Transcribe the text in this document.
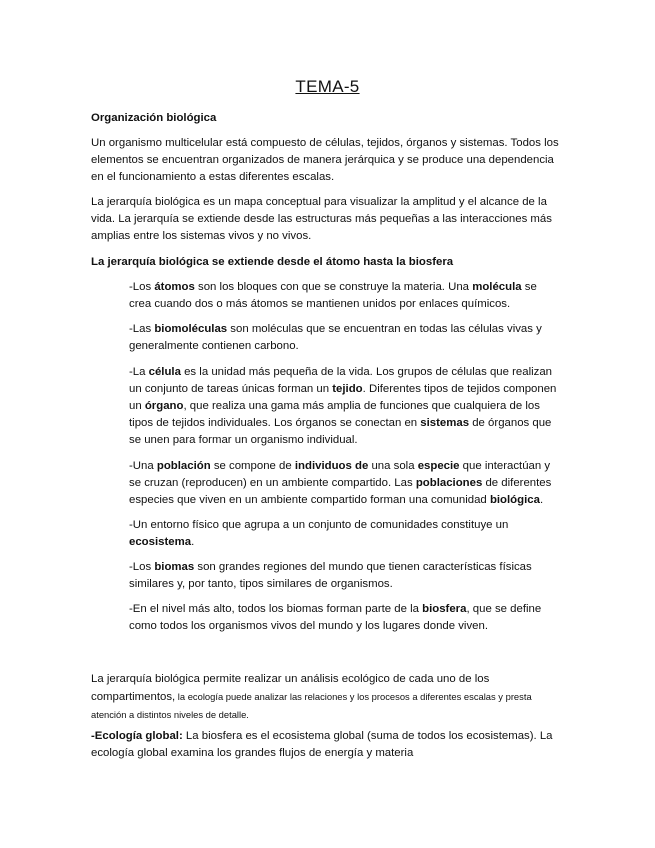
TEMA-5
Organización biológica
Un organismo multicelular está compuesto de células, tejidos, órganos y sistemas. Todos los elementos se encuentran organizados de manera jerárquica y se produce una dependencia en el funcionamiento a estas diferentes escalas.
La jerarquía biológica es un mapa conceptual para visualizar la amplitud y el alcance de la vida. La jerarquía se extiende desde las estructuras más pequeñas a las interacciones más amplias entre los sistemas vivos y no vivos.
La jerarquía biológica se extiende desde el átomo hasta la biosfera
-Los átomos son los bloques con que se construye la materia. Una molécula se crea cuando dos o más átomos se mantienen unidos por enlaces químicos.
-Las biomoléculas son moléculas que se encuentran en todas las células vivas y generalmente contienen carbono.
-La célula es la unidad más pequeña de la vida. Los grupos de células que realizan un conjunto de tareas únicas forman un tejido. Diferentes tipos de tejidos componen un órgano, que realiza una gama más amplia de funciones que cualquiera de los tipos de tejidos individuales. Los órganos se conectan en sistemas de órganos que se unen para formar un organismo individual.
-Una población se compone de individuos de una sola especie que interactúan y se cruzan (reproducen) en un ambiente compartido. Las poblaciones de diferentes especies que viven en un ambiente compartido forman una comunidad biológica.
-Un entorno físico que agrupa a un conjunto de comunidades constituye un ecosistema.
-Los biomas son grandes regiones del mundo que tienen características físicas similares y, por tanto, tipos similares de organismos.
-En el nivel más alto, todos los biomas forman parte de la biosfera, que se define como todos los organismos vivos del mundo y los lugares donde viven.
La jerarquía biológica permite realizar un análisis ecológico de cada uno de los compartimentos, la ecología puede analizar las relaciones y los procesos a diferentes escalas y presta atención a distintos niveles de detalle.
-Ecología global: La biosfera es el ecosistema global (suma de todos los ecosistemas). La ecología global examina los grandes flujos de energía y materia
